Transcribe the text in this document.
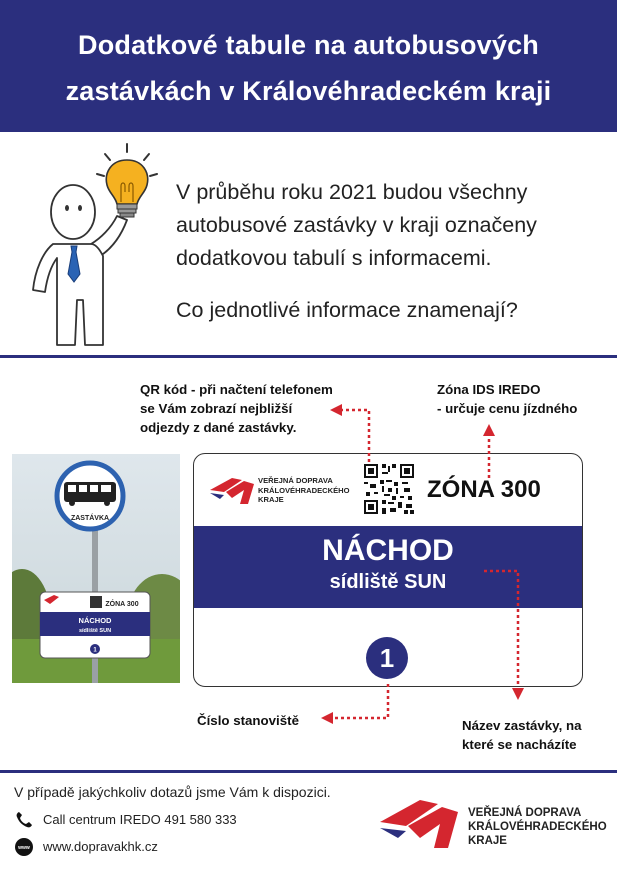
Dodatkové tabule na autobusových
zastávkách v Královéhradeckém kraji
V průběhu roku 2021 budou všechny autobusové zastávky v kraji označeny dodatkovou tabulí s informacemi.
Co jednotlivé informace znamenají?
QR kód - při načtení telefonem
se Vám zobrazí nejbližší
odjezdy z dané zastávky.
Zóna IDS IREDO
- určuje cenu jízdného
Číslo stanoviště	Název zastávky, na
které se nacházíte
ZASTÁVKA
ZÓNA 300
NÁCHOD
sídliště SUN
1
VEŘEJNÁ DOPRAVA
KRÁLOVÉHRADECKÉHO
KRAJE	ZÓNA 300
NÁCHOD
sídliště SUN
1
V případě jakýchkoliv dotazů jsme Vám k dispozici.
Call centrum IREDO 491 580 333
www www.dopravakhk.cz
VEŘEJNÁ DOPRAVA
KRÁLOVÉHRADECKÉHO
KRAJE
